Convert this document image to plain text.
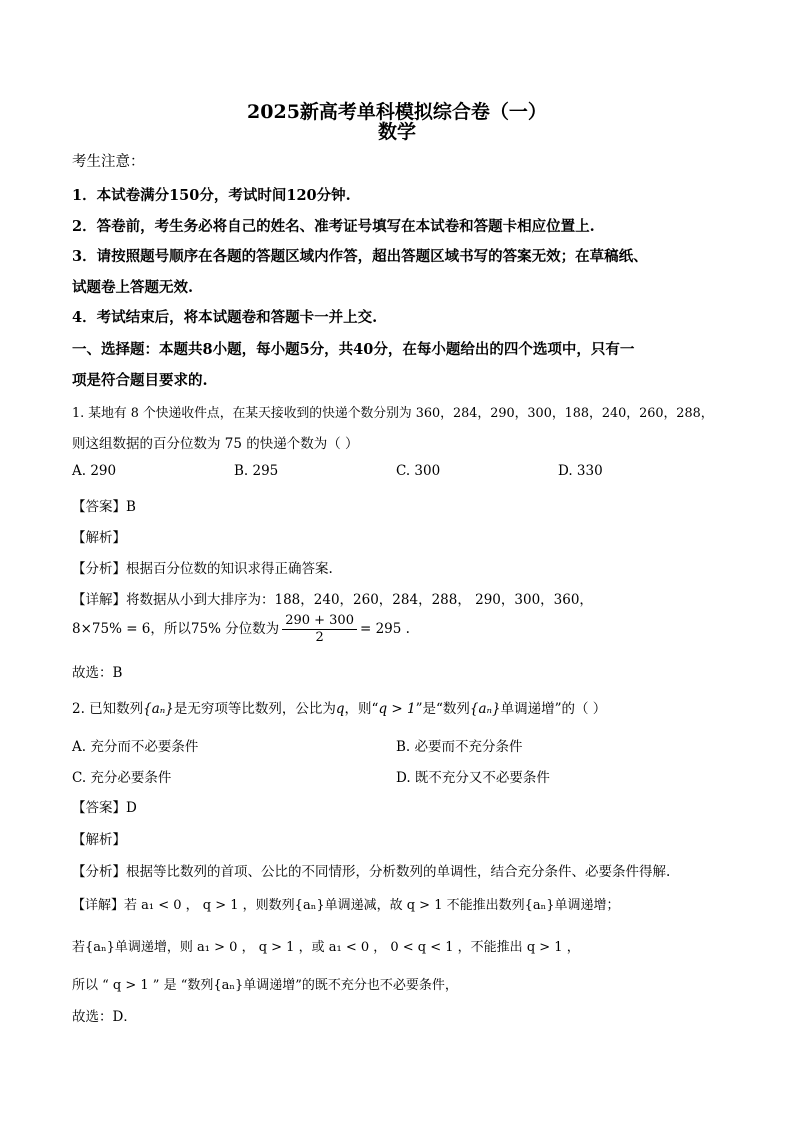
2025新高考单科模拟综合卷（一）
数学
考生注意：
1．本试卷满分150分，考试时间120分钟.
2．答卷前，考生务必将自己的姓名、准考证号填写在本试卷和答题卡相应位置上.
3．请按照题号顺序在各题的答题区域内作答，超出答题区域书写的答案无效；在草稿纸、
试题卷上答题无效.
4．考试结束后，将本试题卷和答题卡一并上交.
一、选择题：本题共8小题，每小题5分，共40分，在每小题给出的四个选项中，只有一
项是符合题目要求的.
1. 某地有 8 个快递收件点，在某天接收到的快递个数分别为 360，284，290，300，188，240，260，288，
则这组数据的百分位数为 75 的快递个数为（ ）
A. 290	B. 295	C. 300	D. 330
【答案】B
【解析】
【分析】根据百分位数的知识求得正确答案.
【详解】将数据从小到大排序为：188，240，260，284，288， 290，300，360，
8×75% = 6，所以75% 分位数为 $\frac{290 + 300}{2} = 295$ .
故选：B
2. 已知数列{aₙ}是无穷项等比数列，公比为q，则“q > 1”是“数列{aₙ}单调递增”的（ ）
A. 充分而不必要条件	B. 必要而不充分条件
C. 充分必要条件	D. 既不充分又不必要条件
【答案】D
【解析】
【分析】根据等比数列的首项、公比的不同情形，分析数列的单调性，结合充分条件、必要条件得解.
【详解】若 a₁ < 0 ， q > 1 ，则数列{aₙ}单调递减，故 q > 1 不能推出数列{aₙ}单调递增；
若{aₙ}单调递增，则 a₁ > 0 ， q > 1 ，或 a₁ < 0 ， 0 < q < 1 ，不能推出 q > 1 ，
所以 “ q > 1 ” 是 “数列{aₙ}单调递增”的既不充分也不必要条件，
故选：D．
